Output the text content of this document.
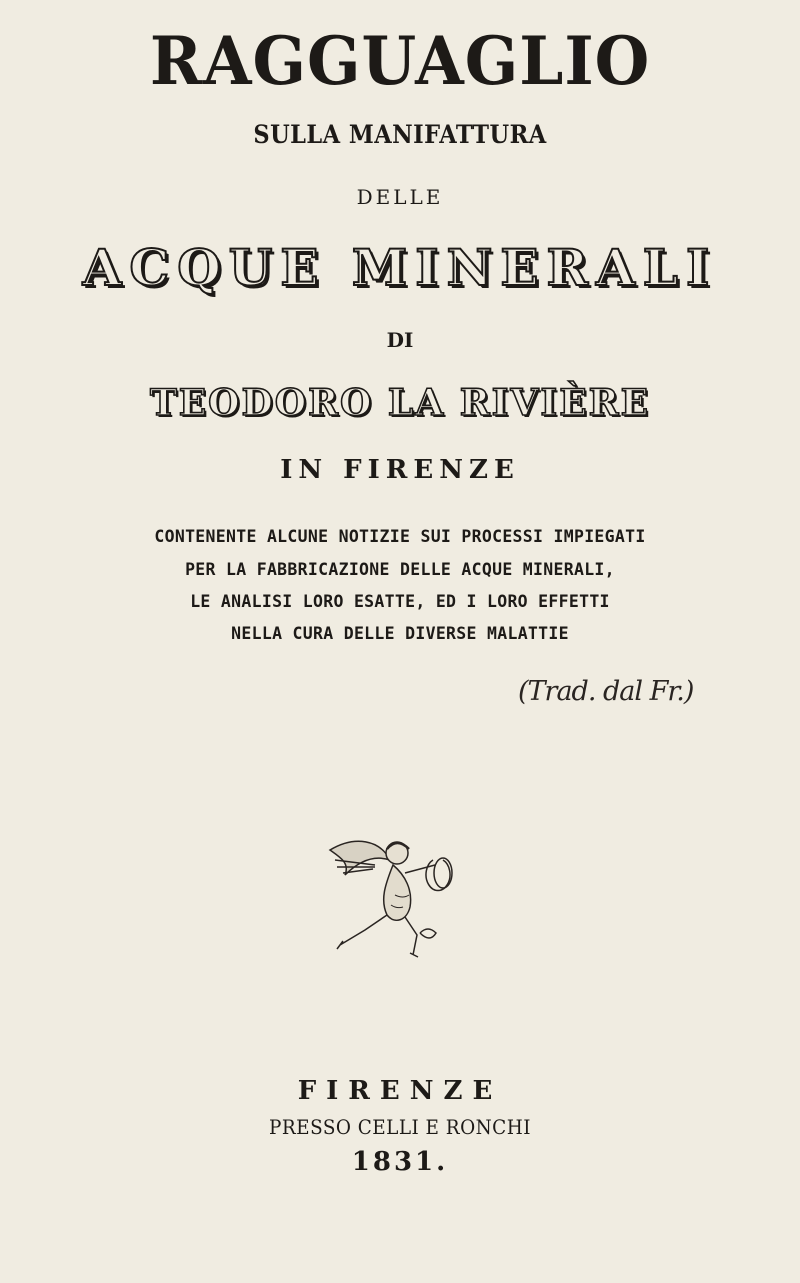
RAGGUAGLIO
SULLA MANIFATTURA
DELLE
ACQUE MINERALI
DI
TEODORO LA RIVIÈRE
IN FIRENZE
CONTENENTE ALCUNE NOTIZIE SUI PROCESSI IMPIEGATI
PER LA FABBRICAZIONE DELLE ACQUE MINERALI,
LE ANALISI LORO ESATTE, ED I LORO EFFETTI
NELLA CURA DELLE DIVERSE MALATTIE
(Trad. dal Fr.)
FIRENZE
PRESSO CELLI E RONCHI
1831.
